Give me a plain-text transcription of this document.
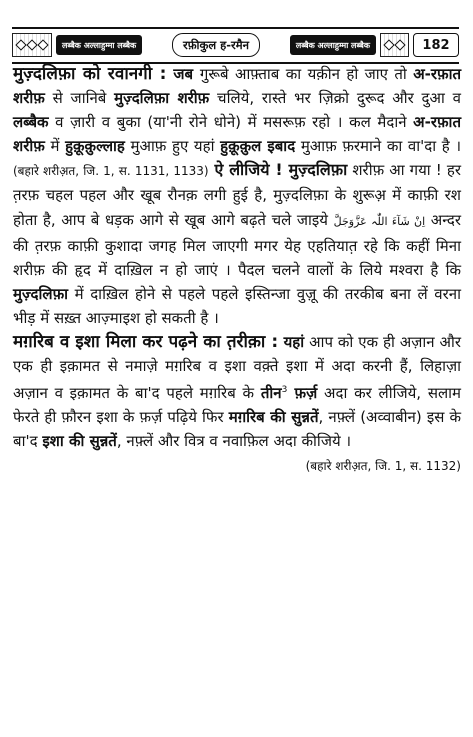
लब्बैक अल्लाहुम्मा लब्बैक	रफ़ीकुल ह-रमैन	लब्बैक अल्लाहुम्मा लब्बैक	182

मुज़्दलिफ़ा को रवानगी : जब गुरूबे आफ़्ताब का यक़ीन हो जाए तो अ-रफ़ात शरीफ़ से जानिबे मुज़्दलिफ़ा शरीफ़ चलिये, रास्ते भर ज़िक्रो दुरूद और दुआ व लब्बैक व ज़ारी व बुका (या'नी रोने धोने) में मसरूफ़ रहो । कल मैदाने अ-रफ़ात शरीफ़ में हुक़ूक़ुल्लाह मुआफ़ हुए यहां हुक़ूक़ुल इबाद मुआफ़ फ़रमाने का वा'दा है । (बहारे शरीअ़त, जि. 1, स. 1131, 1133) ऐ लीजिये ! मुज़्दलिफ़ा शरीफ़ आ गया ! हर त़रफ़ चहल पहल और खूब रौनक़ लगी हुई है, मुज़्दलिफ़ा के शुरूअ़ में काफ़ी रश होता है, आप बे धड़क आगे से खूब आगे बढ़ते चले जाइये اِنْ شَآءَ اللّٰہ عَزَّوَجَلَّ अन्दर की त़रफ़ काफ़ी कुशादा जगह मिल जाएगी मगर येह एहतियात़ रहे कि कहीं मिना शरीफ़ की हृद में दाख़िल न हो जाएं । पैदल चलने वालों के लिये मश्वरा है कि मुज़्दलिफ़ा में दाख़िल होने से पहले पहले इस्तिन्जा वुज़ू की तरकीब बना लें वरना भीड़ में सख़्त आज़्माइश हो सकती है ।

मग़रिब व इशा मिला कर पढ़ने का त़रीक़ा : यहां आप को एक ही अज़ान और एक ही इक़ामत से नमाज़े मग़रिब व इशा वक़्ते इशा में अदा करनी हैं, लिहाज़ा अज़ान व इक़ामत के बा'द पहले मग़रिब के तीन$^3$ फ़र्ज़ अदा कर लीजिये, सलाम फेरते ही फ़ौरन इशा के फ़र्ज़ पढ़िये फिर मग़रिब की सुन्नतें, नफ़्लें (अव्वाबीन) इस के बा'द इशा की सुन्नतें, नफ़्लें और वित्र व नवाफ़िल अदा कीजिये ।

(बहारे शरीअ़त, जि. 1, स. 1132)
